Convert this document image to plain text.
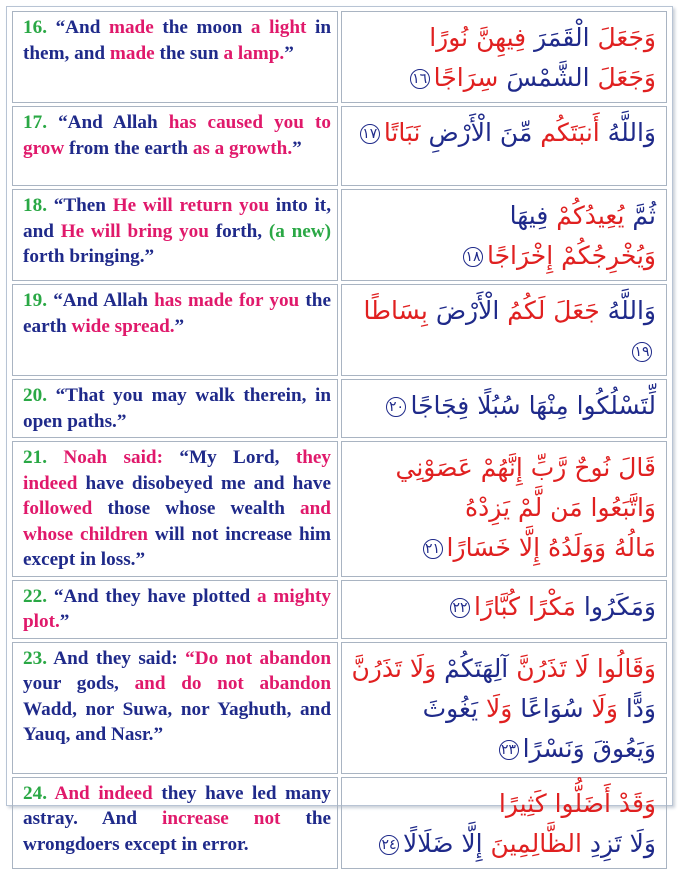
16. “And made the moon a light in them, and made the sun a lamp.”	وَجَعَلَ الْقَمَرَ فِيهِنَّ نُورًا
وَجَعَلَ الشَّمْسَ سِرَاجًا١٦

17. “And Allah has caused you to grow from the earth as a growth.”	وَاللَّهُ أَنبَتَكُم مِّنَ الْأَرْضِ نَبَاتًا١٧

18. “Then He will return you into it, and He will bring you forth, (a new) forth bringing.”	ثُمَّ يُعِيدُكُمْ فِيهَا
وَيُخْرِجُكُمْ إِخْرَاجًا١٨

19. “And Allah has made for you the earth wide spread.”	وَاللَّهُ جَعَلَ لَكُمُ الْأَرْضَ بِسَاطًا١٩

20. “That you may walk therein, in open paths.”	لِّتَسْلُكُوا مِنْهَا سُبُلًا فِجَاجًا٢٠

21. Noah said: “My Lord, they indeed have disobeyed me and have followed those whose wealth and whose children will not increase him except in loss.”	قَالَ نُوحٌ رَّبِّ إِنَّهُمْ عَصَوْنِي
وَاتَّبَعُوا مَن لَّمْ يَزِدْهُ
مَالُهُ وَوَلَدُهُ إِلَّا خَسَارًا٢١

22. “And they have plotted a mighty plot.”	وَمَكَرُوا مَكْرًا كُبَّارًا٢٢

23. And they said: “Do not abandon your gods, and do not abandon Wadd, nor Suwa, nor Yaghuth, and Yauq, and Nasr.”	وَقَالُوا لَا تَذَرُنَّ آلِهَتَكُمْ وَلَا تَذَرُنَّ
وَدًّا وَلَا سُوَاعًا وَلَا يَغُوثَ
وَيَعُوقَ وَنَسْرًا٢٣

24. And indeed they have led many astray. And increase not the wrongdoers except in error.	وَقَدْ أَضَلُّوا كَثِيرًا
وَلَا تَزِدِ الظَّالِمِينَ إِلَّا ضَلَالًا٢٤
